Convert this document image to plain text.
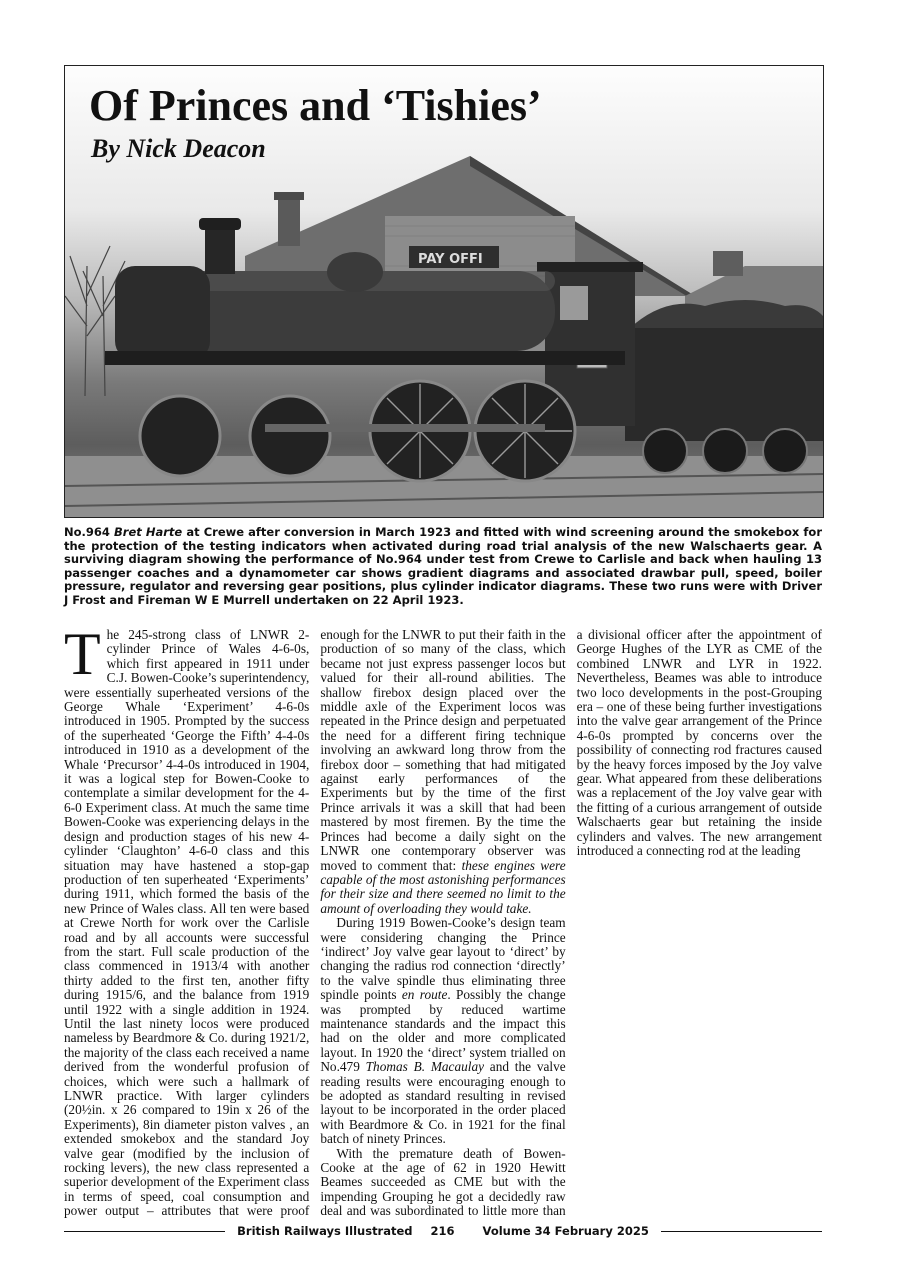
PAY OFFI
Of Princes and ‘Tishies’
By Nick Deacon

No.964 Bret Harte at Crewe after conversion in March 1923 and fitted with wind screening around the smokebox for the protection of the testing indicators when activated during road trial analysis of the new Walschaerts gear. A surviving diagram showing the performance of No.964 under test from Crewe to Carlisle and back when hauling 13 passenger coaches and a dynamometer car shows gradient diagrams and associated drawbar pull, speed, boiler pressure, regulator and reversing gear positions, plus cylinder indicator diagrams. These two runs were with Driver J Frost and Fireman W E Murrell undertaken on 22 April 1923.

The 245-strong class of LNWR 2-cylinder Prince of Wales 4-6-0s, which first appeared in 1911 under C.J. Bowen-Cooke’s superintendency, were essentially superheated versions of the George Whale ‘Experiment’ 4-6-0s introduced in 1905. Prompted by the success of the superheated ‘George the Fifth’ 4-4-0s introduced in 1910 as a development of the Whale ‘Precursor’ 4-4-0s introduced in 1904, it was a logical step for Bowen-Cooke to contemplate a similar development for the 4-6-0 Experiment class. At much the same time Bowen-Cooke was experiencing delays in the design and production stages of his new 4-cylinder ‘Claughton’ 4-6-0 class and this situation may have hastened a stop-gap production of ten superheated ‘Experiments’ during 1911, which formed the basis of the new Prince of Wales class. All ten were based at Crewe North for work over the Carlisle road and by all accounts were successful from the start. Full scale production of the class commenced in 1913/4 with another thirty added to the first ten, another fifty during 1915/6, and the balance from 1919 until 1922 with a single addition in 1924. Until the last ninety locos were produced nameless by Beardmore & Co. during 1921/2, the majority of the class each received a name derived from the wonderful profusion of choices, which were such a hallmark of LNWR practice. With larger cylinders (20½in. x 26 compared to 19in x 26 of the Experiments), 8in diameter piston valves , an extended smokebox and the standard Joy valve gear (modified by the inclusion of rocking levers), the new class represented a superior development of the Experiment class in terms of speed, coal consumption and power output – attributes that were proof enough for the LNWR to put their faith in the production of so many of the class, which became not just express passenger locos but valued for their all-round abilities. The shallow firebox design placed over the middle axle of the Experiment locos was repeated in the Prince design and perpetuated the need for a different firing technique involving an awkward long throw from the firebox door – something that had mitigated against early performances of the Experiments but by the time of the first Prince arrivals it was a skill that had been mastered by most firemen. By the time the Princes had become a daily sight on the LNWR one contemporary observer was moved to comment that: these engines were capable of the most astonishing performances for their size and there seemed no limit to the amount of overloading they would take.

During 1919 Bowen-Cooke’s design team were considering changing the Prince ‘indirect’ Joy valve gear layout to ‘direct’ by changing the radius rod connection ‘directly’ to the valve spindle thus eliminating three spindle points en route. Possibly the change was prompted by reduced wartime maintenance standards and the impact this had on the older and more complicated layout. In 1920 the ‘direct’ system trialled on No.479 Thomas B. Macaulay and the valve reading results were encouraging enough to be adopted as standard resulting in revised layout to be incorporated in the order placed with Beardmore & Co. in 1921 for the final batch of ninety Princes.

With the premature death of Bowen-Cooke at the age of 62 in 1920 Hewitt Beames succeeded as CME but with the impending Grouping he got a decidedly raw deal and was subordinated to little more than a divisional officer after the appointment of George Hughes of the LYR as CME of the combined LNWR and LYR in 1922. Nevertheless, Beames was able to introduce two loco developments in the post-Grouping era – one of these being further investigations into the valve gear arrangement of the Prince 4-6-0s prompted by concerns over the possibility of connecting rod fractures caused by the heavy forces imposed by the Joy valve gear. What appeared from these deliberations was a replacement of the Joy valve gear with the fitting of a curious arrangement of outside Walschaerts gear but retaining the inside cylinders and valves. The new arrangement introduced a connecting rod at the leading

British Railways Illustrated 216 Volume 34 February 2025
